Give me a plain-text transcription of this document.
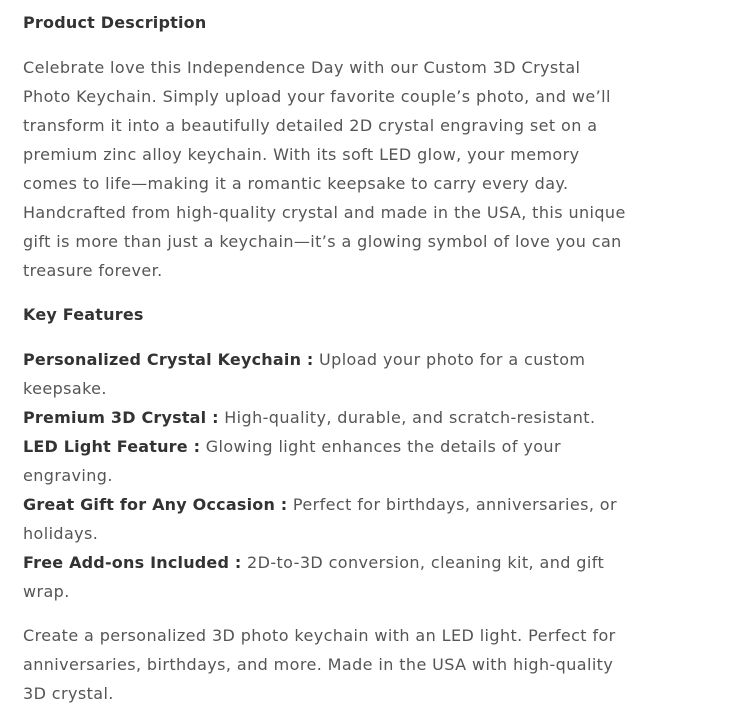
Product Description

Celebrate love this Independence Day with our Custom 3D Crystal Photo Keychain. Simply upload your favorite couple’s photo, and we’ll transform it into a beautifully detailed 2D crystal engraving set on a premium zinc alloy keychain. With its soft LED glow, your memory comes to life—making it a romantic keepsake to carry every day. Handcrafted from high-quality crystal and made in the USA, this unique gift is more than just a keychain—it’s a glowing symbol of love you can treasure forever.

Key Features
Personalized Crystal Keychain : Upload your photo for a custom keepsake.
Premium 3D Crystal : High-quality, durable, and scratch-resistant.
LED Light Feature : Glowing light enhances the details of your engraving.
Great Gift for Any Occasion : Perfect for birthdays, anniversaries, or holidays.
Free Add-ons Included : 2D-to-3D conversion, cleaning kit, and gift wrap.

Create a personalized 3D photo keychain with an LED light. Perfect for anniversaries, birthdays, and more. Made in the USA with high-quality 3D crystal.
